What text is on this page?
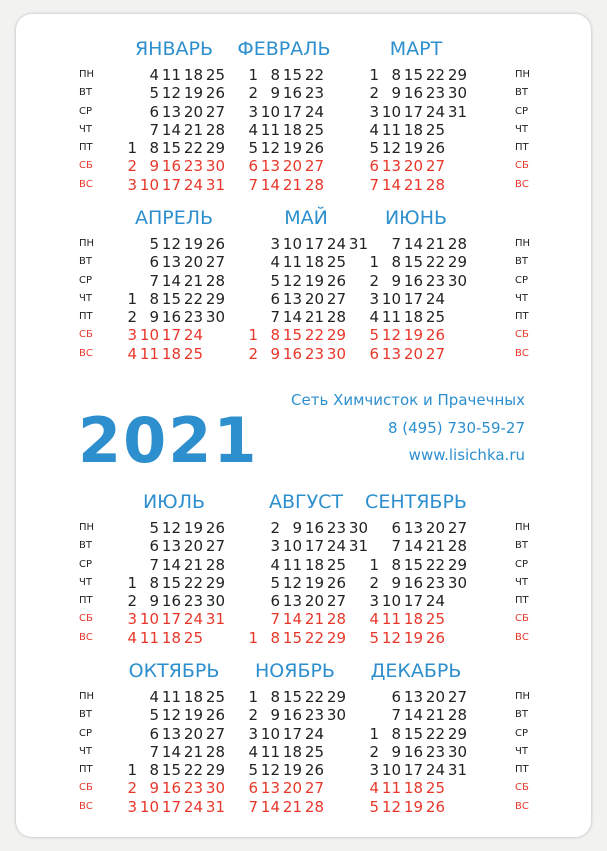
ПН
ВТ
СР
ЧТ
ПТ
СБ
ВС
ПН
ВТ
СР
ЧТ
ПТ
СБ
ВС
ЯНВАРЬ
1
2
3
4
5
6
7
8
9
10
11
12
13
14
15
16
17
18
19
20
21
22
23
24
25
26
27
28
29
30
31
ФЕВРАЛЬ
1
2
3
4
5
6
7
8
9
10
11
12
13
14
15
16
17
18
19
20
21
22
23
24
25
26
27
28
МАРТ
1
2
3
4
5
6
7
8
9
10
11
12
13
14
15
16
17
18
19
20
21
22
23
24
25
26
27
28
29
30
31
ПН
ВТ
СР
ЧТ
ПТ
СБ
ВС
ПН
ВТ
СР
ЧТ
ПТ
СБ
ВС
АПРЕЛЬ
1
2
3
4
5
6
7
8
9
10
11
12
13
14
15
16
17
18
19
20
21
22
23
24
25
26
27
28
29
30
МАЙ
1
2
3
4
5
6
7
8
9
10
11
12
13
14
15
16
17
18
19
20
21
22
23
24
25
26
27
28
29
30
31
ИЮНЬ
1
2
3
4
5
6
7
8
9
10
11
12
13
14
15
16
17
18
19
20
21
22
23
24
25
26
27
28
29
30
ПН
ВТ
СР
ЧТ
ПТ
СБ
ВС
ПН
ВТ
СР
ЧТ
ПТ
СБ
ВС
ИЮЛЬ
1
2
3
4
5
6
7
8
9
10
11
12
13
14
15
16
17
18
19
20
21
22
23
24
25
26
27
28
29
30
31
АВГУСТ
1
2
3
4
5
6
7
8
9
10
11
12
13
14
15
16
17
18
19
20
21
22
23
24
25
26
27
28
29
30
31
СЕНТЯБРЬ
1
2
3
4
5
6
7
8
9
10
11
12
13
14
15
16
17
18
19
20
21
22
23
24
25
26
27
28
29
30
ПН
ВТ
СР
ЧТ
ПТ
СБ
ВС
ПН
ВТ
СР
ЧТ
ПТ
СБ
ВС
ОКТЯБРЬ
1
2
3
4
5
6
7
8
9
10
11
12
13
14
15
16
17
18
19
20
21
22
23
24
25
26
27
28
29
30
31
НОЯБРЬ
1
2
3
4
5
6
7
8
9
10
11
12
13
14
15
16
17
18
19
20
21
22
23
24
25
26
27
28
29
30
ДЕКАБРЬ
1
2
3
4
5
6
7
8
9
10
11
12
13
14
15
16
17
18
19
20
21
22
23
24
25
26
27
28
29
30
31
2021
Сеть Химчисток и Прачечных
8 (495) 730-59-27
www.lisichka.ru
